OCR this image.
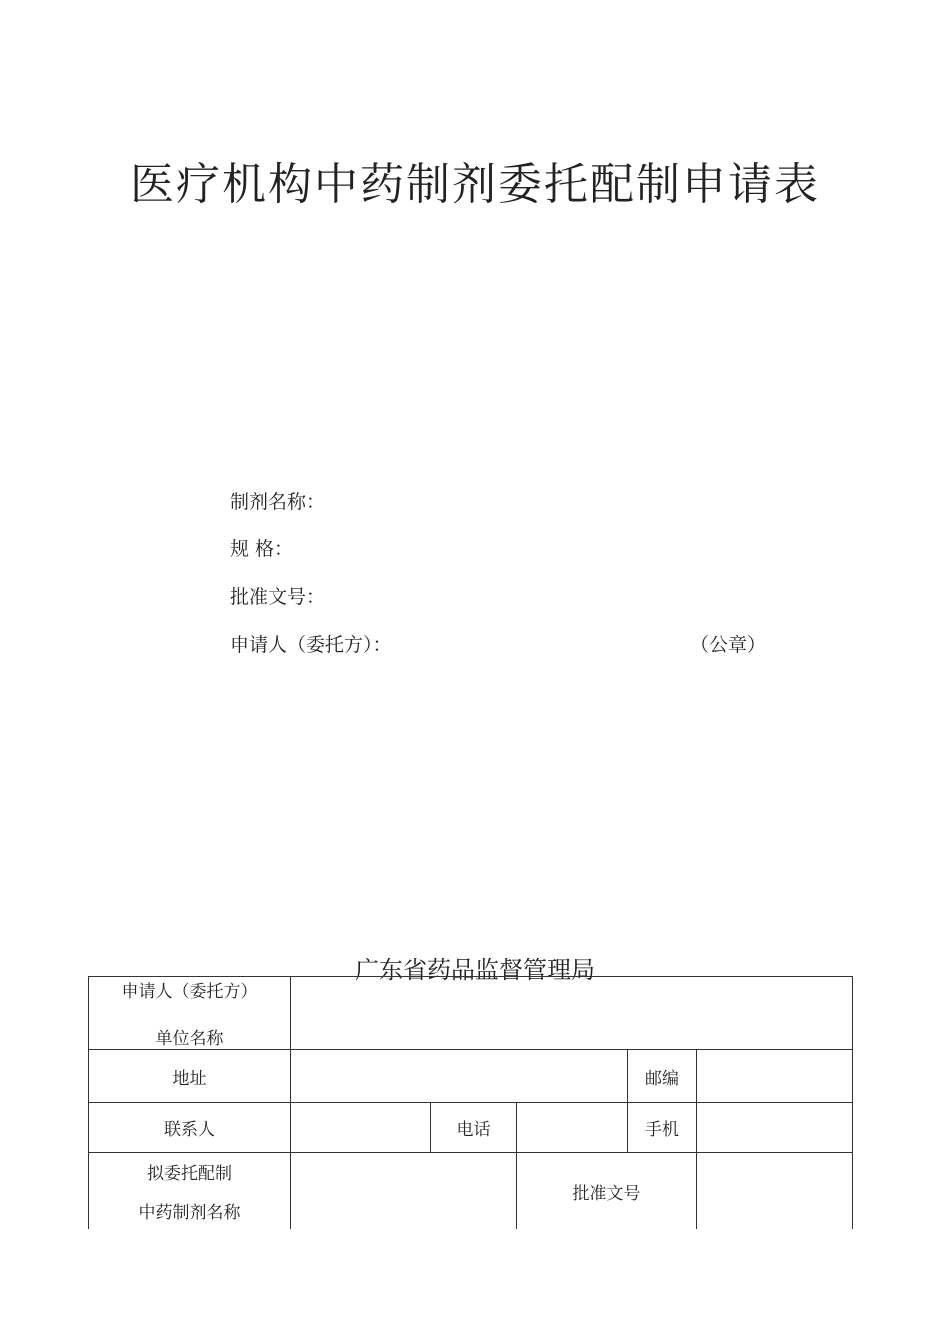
医疗机构中药制剂委托配制申请表
制剂名称：
规 格：
批准文号：
申请人（委托方）：	（公章）
广东省药品监督管理局
申请人（委托方）
单位名称					

地址				邮编	
联系人		电话		手机	

拟委托配制
中药制剂名称			批准文号		
